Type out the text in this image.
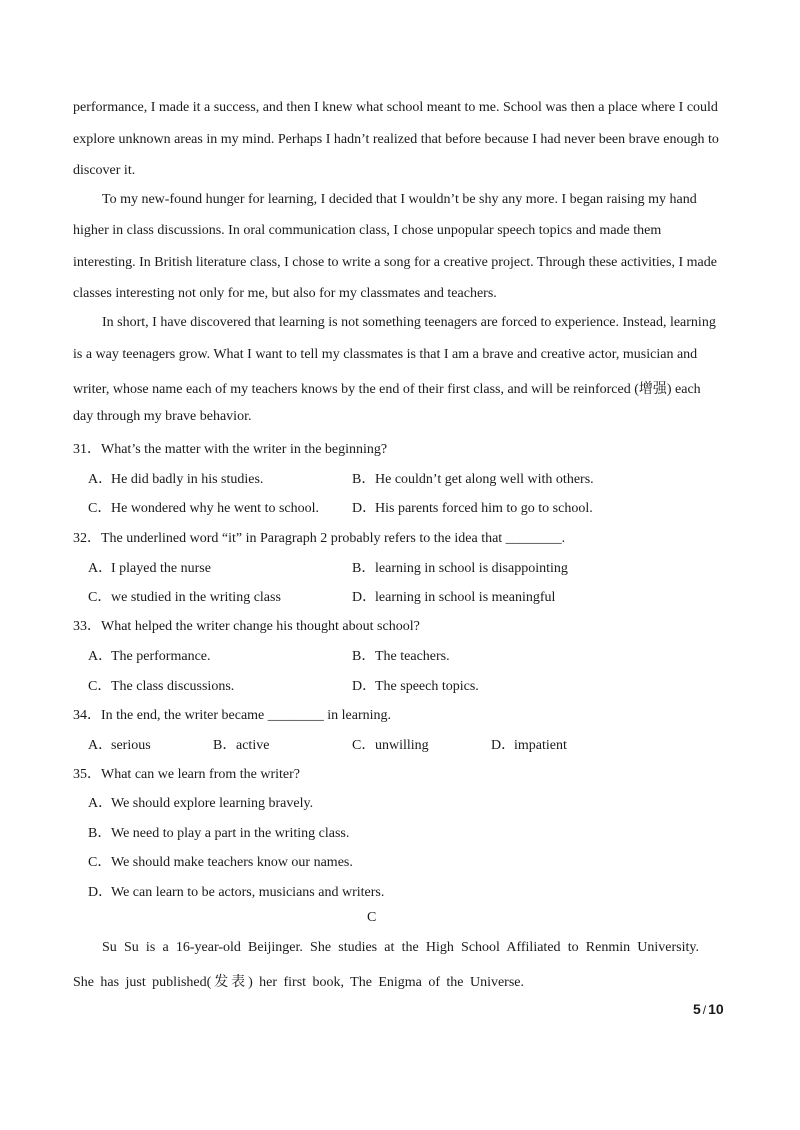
performance, I made it a success, and then I knew what school meant to me. School was then a place where I could
explore unknown areas in my mind. Perhaps I hadn’t realized that before because I had never been brave enough to
discover it.
To my new-found hunger for learning, I decided that I wouldn’t be shy any more. I began raising my hand
higher in class discussions. In oral communication class, I chose unpopular speech topics and made them
interesting. In British literature class, I chose to write a song for a creative project. Through these activities, I made
classes interesting not only for me, but also for my classmates and teachers.
In short, I have discovered that learning is not something teenagers are forced to experience. Instead, learning
is a way teenagers grow. What I want to tell my classmates is that I am a brave and creative actor, musician and
writer, whose name each of my teachers knows by the end of their first class, and will be reinforced (增强) each
day through my brave behavior.
31．What’s the matter with the writer in the beginning?
A．He did badly in his studies.	B．He couldn’t get along well with others.
C．He wondered why he went to school. D．His parents forced him to go to school.
32．The underlined word “it” in Paragraph 2 probably refers to the idea that ________.
A．I played the nurse	B．learning in school is disappointing
C．we studied in the writing class	D．learning in school is meaningful
33．What helped the writer change his thought about school?
A．The performance.	B．The teachers.
C．The class discussions.	D．The speech topics.
34．In the end, the writer became ________ in learning.
A．serious	B．active	C．unwilling	D．impatient
35．What can we learn from the writer?
A．We should explore learning bravely.
B．We need to play a part in the writing class.
C．We should make teachers know our names.
D．We can learn to be actors, musicians and writers.
C
Su Su is a 16-year-old Beijinger. She studies at the High School Affiliated to Renmin University.
She has just published(发表) her first book, The Enigma of the Universe.
5 / 10
